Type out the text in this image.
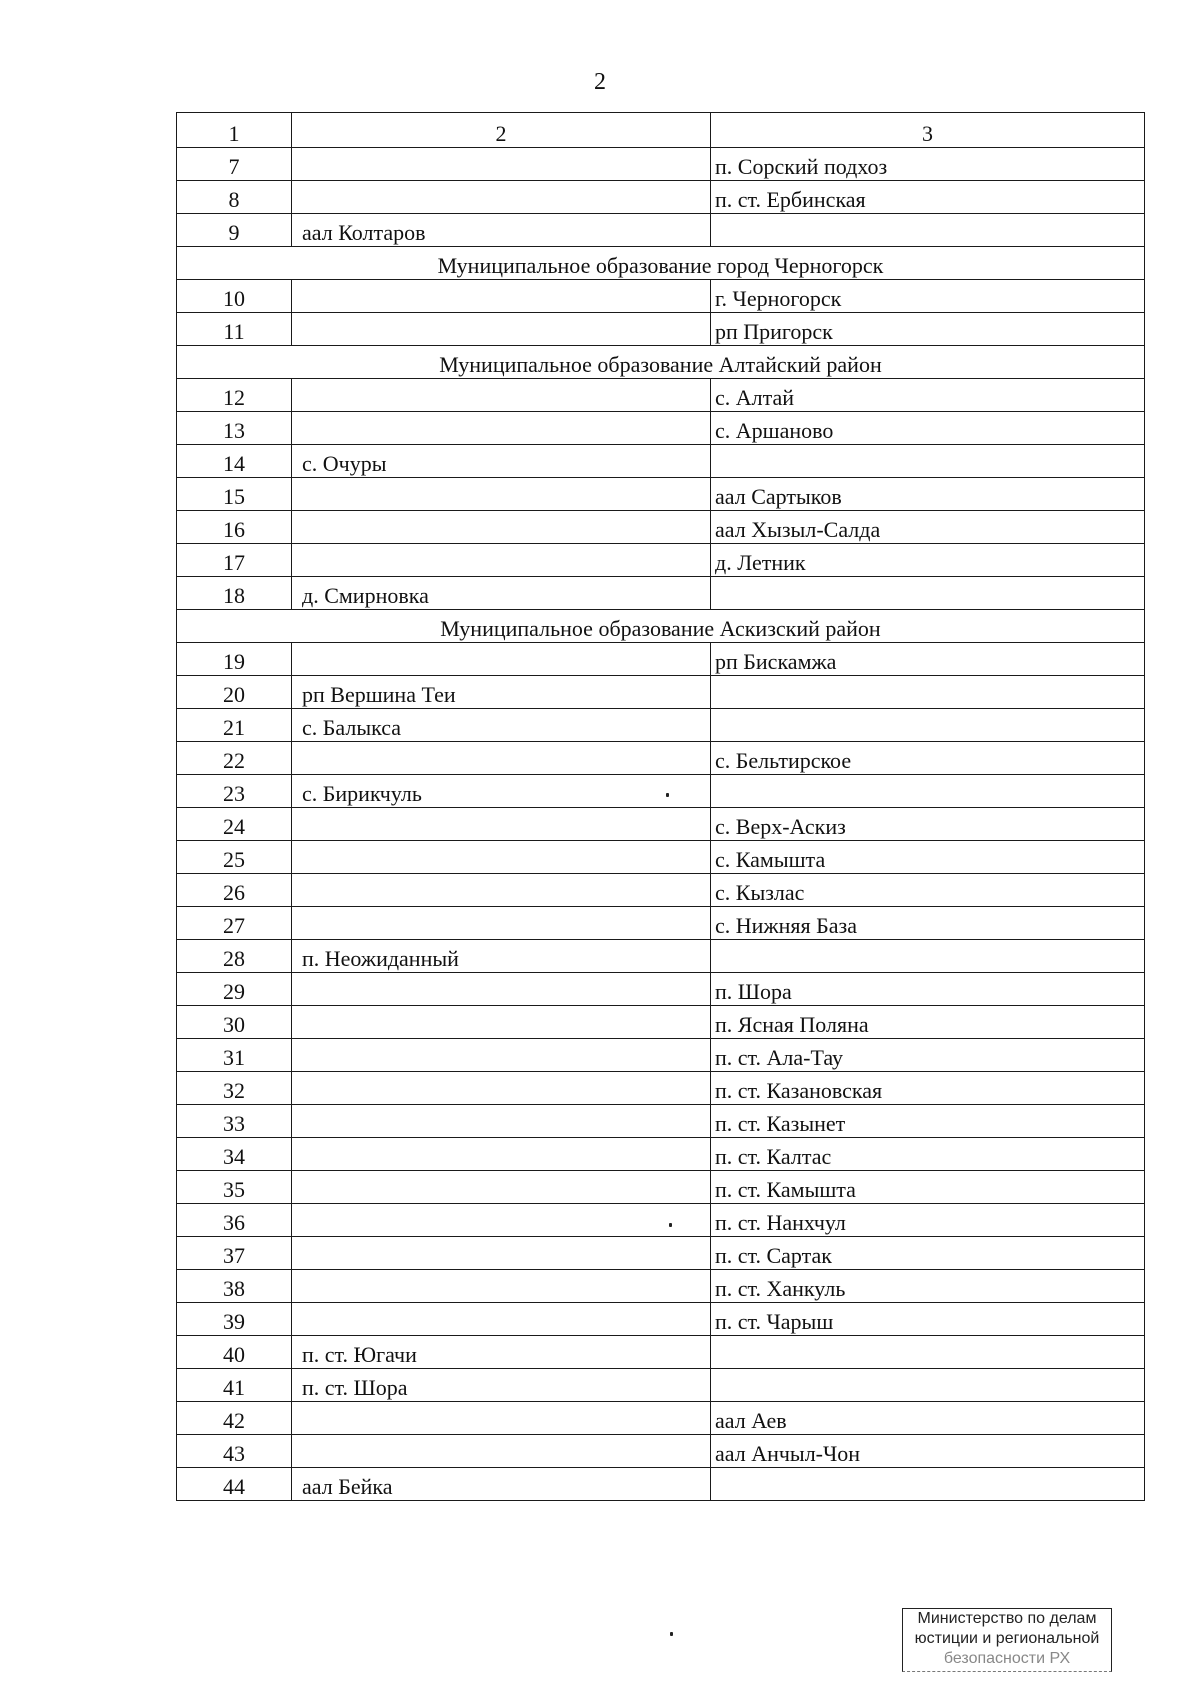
2
1	2	3
7		п. Сорский подхоз
8		п. ст. Ербинская
9	аал Колтаров	
Муниципальное образование город Черногорск		
10		г. Черногорск
11		рп Пригорск
Муниципальное образование Алтайский район		
12		с. Алтай
13		с. Аршаново
14	с. Очуры	
15		аал Сартыков
16		аал Хызыл-Салда
17		д. Летник
18	д. Смирновка	
Муниципальное образование Аскизский район		
19		рп Бискамжа
20	рп Вершина Теи	
21	с. Балыкса	
22		с. Бельтирское
23	с. Бирикчуль	
24		с. Верх-Аскиз
25		с. Камышта
26		с. Кызлас
27		с. Нижняя База
28	п. Неожиданный	
29		п. Шора
30		п. Ясная Поляна
31		п. ст. Ала-Тау
32		п. ст. Казановская
33		п. ст. Казынет
34		п. ст. Калтас
35		п. ст. Камышта
36		п. ст. Нанхчул
37		п. ст. Сартак
38		п. ст. Ханкуль
39		п. ст. Чарыш
40	п. ст. Югачи	
41	п. ст. Шора	
42		аал Аев
43		аал Анчыл-Чон
44	аал Бейка	
Министерство по делам
юстиции и региональной
безопасности РХ
